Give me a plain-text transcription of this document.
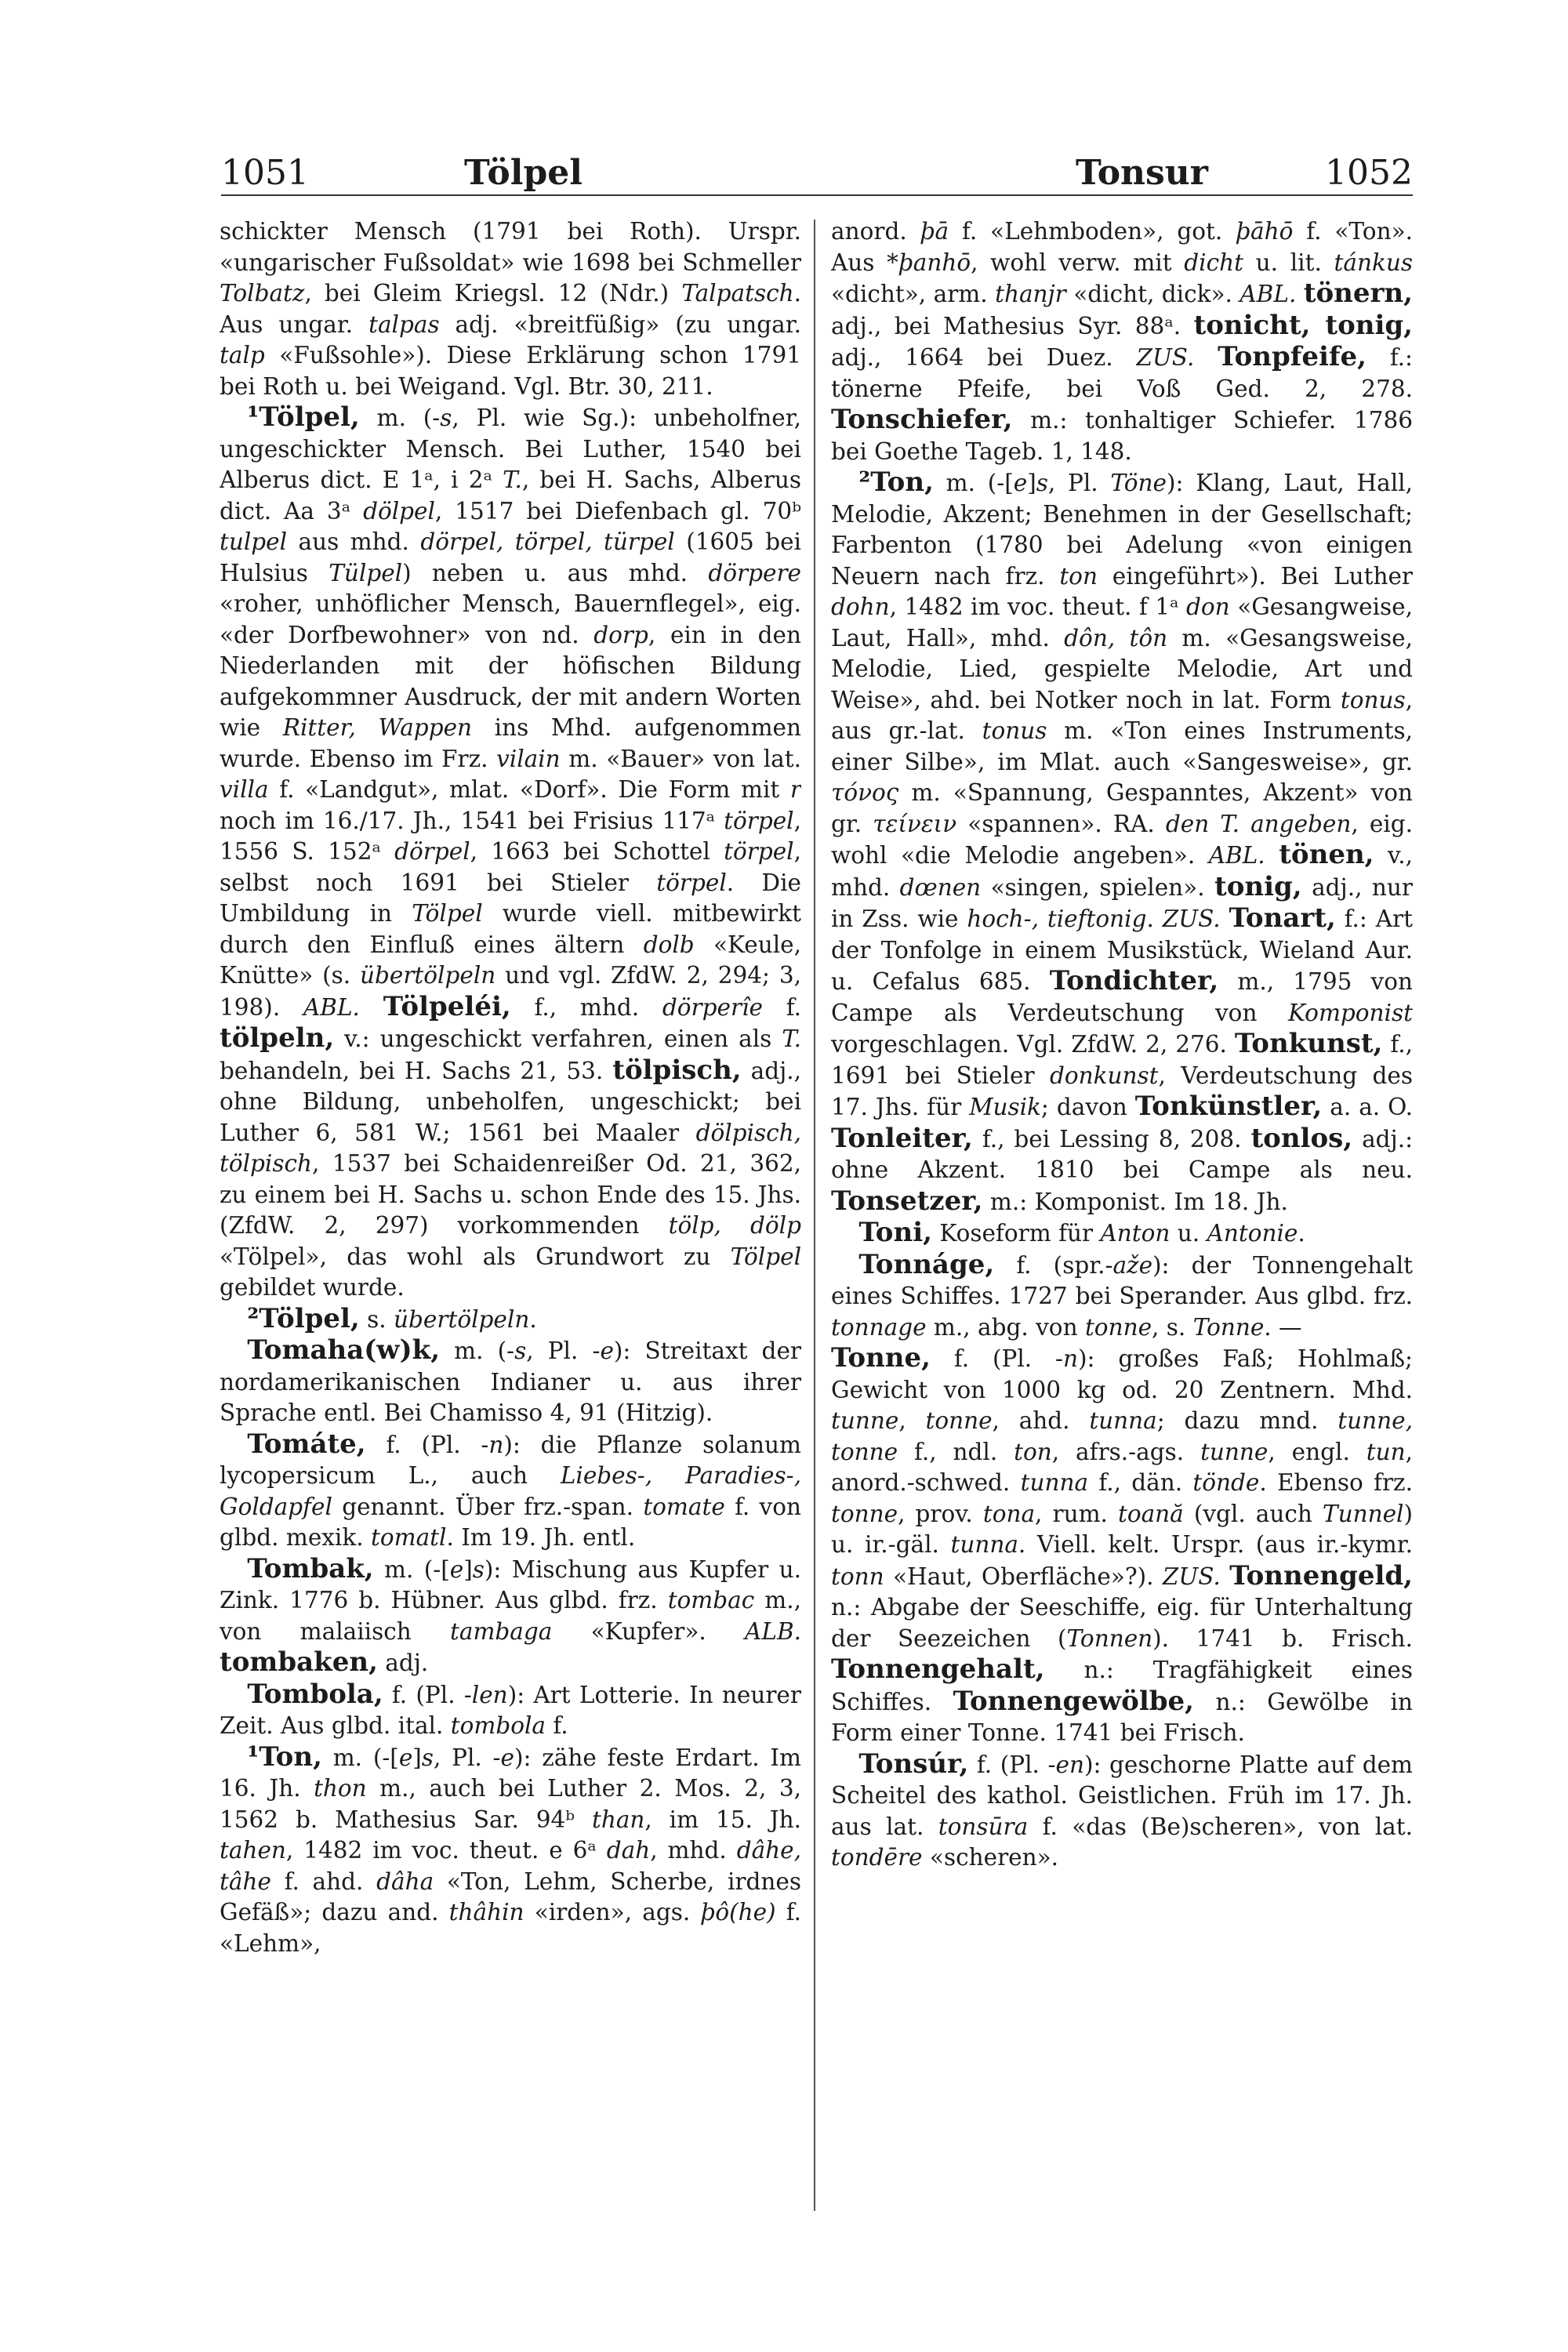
1051	Tölpel	Tonsur	1052

schickter Mensch (1791 bei Roth). Urspr. «ungarischer Fußsoldat» wie 1698 bei Schmeller Tolbatz, bei Gleim Kriegsl. 12 (Ndr.) Talpatsch. Aus ungar. talpas adj. «breitfüßig» (zu ungar. talp «Fußsohle»). Diese Erklärung schon 1791 bei Roth u. bei Weigand. Vgl. Btr. 30, 211.

¹Tölpel, m. (-s, Pl. wie Sg.): unbeholfner, ungeschickter Mensch. Bei Luther, 1540 bei Alberus dict. E 1ᵃ, i 2ᵃ T., bei H. Sachs, Alberus dict. Aa 3ᵃ dölpel, 1517 bei Diefenbach gl. 70ᵇ tulpel aus mhd. dörpel, törpel, türpel (1605 bei Hulsius Tülpel) neben u. aus mhd. dörpere «roher, unhöflicher Mensch, Bauernflegel», eig. «der Dorfbewohner» von nd. dorp, ein in den Niederlanden mit der höfischen Bildung aufgekommner Ausdruck, der mit andern Worten wie Ritter, Wappen ins Mhd. aufgenommen wurde. Ebenso im Frz. vilain m. «Bauer» von lat. villa f. «Landgut», mlat. «Dorf». Die Form mit r noch im 16./17. Jh., 1541 bei Frisius 117ᵃ törpel, 1556 S. 152ᵃ dörpel, 1663 bei Schottel törpel, selbst noch 1691 bei Stieler törpel. Die Umbildung in Tölpel wurde viell. mitbewirkt durch den Einfluß eines ältern dolb «Keule, Knütte» (s. übertölpeln und vgl. ZfdW. 2, 294; 3, 198). ABL. Tölpeléi, f., mhd. dörperîe f. tölpeln, v.: ungeschickt verfahren, einen als T. behandeln, bei H. Sachs 21, 53. tölpisch, adj., ohne Bildung, unbeholfen, ungeschickt; bei Luther 6, 581 W.; 1561 bei Maaler dölpisch, tölpisch, 1537 bei Schaidenreißer Od. 21, 362, zu einem bei H. Sachs u. schon Ende des 15. Jhs. (ZfdW. 2, 297) vorkommenden tölp, dölp «Tölpel», das wohl als Grundwort zu Tölpel gebildet wurde.

²Tölpel, s. übertölpeln.

Tomaha(w)k, m. (-s, Pl. -e): Streitaxt der nordamerikanischen Indianer u. aus ihrer Sprache entl. Bei Chamisso 4, 91 (Hitzig).

Tomáte, f. (Pl. -n): die Pflanze solanum lycopersicum L., auch Liebes-, Paradies-, Goldapfel genannt. Über frz.-span. tomate f. von glbd. mexik. tomatl. Im 19. Jh. entl.

Tombak, m. (-[e]s): Mischung aus Kupfer u. Zink. 1776 b. Hübner. Aus glbd. frz. tombac m., von malaiisch tambaga «Kupfer». ALB. tombaken, adj.

Tombola, f. (Pl. -len): Art Lotterie. In neurer Zeit. Aus glbd. ital. tombola f.

¹Ton, m. (-[e]s, Pl. -e): zähe feste Erdart. Im 16. Jh. thon m., auch bei Luther 2. Mos. 2, 3, 1562 b. Mathesius Sar. 94ᵇ than, im 15. Jh. tahen, 1482 im voc. theut. e 6ᵃ dah, mhd. dâhe, tâhe f. ahd. dâha «Ton, Lehm, Scherbe, irdnes Gefäß»; dazu and. thâhin «irden», ags. þô(he) f. «Lehm»,

anord. þā f. «Lehmboden», got. þāhō f. «Ton». Aus *þanhō, wohl verw. mit dicht u. lit. tánkus «dicht», arm. thanjr «dicht, dick». ABL. tönern, adj., bei Mathesius Syr. 88ᵃ. tonicht, tonig, adj., 1664 bei Duez. ZUS. Tonpfeife, f.: tönerne Pfeife, bei Voß Ged. 2, 278. Tonschiefer, m.: tonhaltiger Schiefer. 1786 bei Goethe Tageb. 1, 148.

²Ton, m. (-[e]s, Pl. Töne): Klang, Laut, Hall, Melodie, Akzent; Benehmen in der Gesellschaft; Farbenton (1780 bei Adelung «von einigen Neuern nach frz. ton eingeführt»). Bei Luther dohn, 1482 im voc. theut. f 1ᵃ don «Gesangweise, Laut, Hall», mhd. dôn, tôn m. «Gesangsweise, Melodie, Lied, gespielte Melodie, Art und Weise», ahd. bei Notker noch in lat. Form tonus, aus gr.-lat. tonus m. «Ton eines Instruments, einer Silbe», im Mlat. auch «Sangesweise», gr. τόνος m. «Spannung, Gespanntes, Akzent» von gr. τείνειν «spannen». RA. den T. angeben, eig. wohl «die Melodie angeben». ABL. tönen, v., mhd. dœnen «singen, spielen». tonig, adj., nur in Zss. wie hoch-, tieftonig. ZUS. Tonart, f.: Art der Tonfolge in einem Musikstück, Wieland Aur. u. Cefalus 685. Tondichter, m., 1795 von Campe als Verdeutschung von Komponist vorgeschlagen. Vgl. ZfdW. 2, 276. Tonkunst, f., 1691 bei Stieler donkunst, Verdeutschung des 17. Jhs. für Musik; davon Tonkünstler, a. a. O. Tonleiter, f., bei Lessing 8, 208. tonlos, adj.: ohne Akzent. 1810 bei Campe als neu. Tonsetzer, m.: Komponist. Im 18. Jh.

Toni, Koseform für Anton u. Antonie.

Tonnáge, f. (spr.-aže): der Tonnengehalt eines Schiffes. 1727 bei Sperander. Aus glbd. frz. tonnage m., abg. von tonne, s. Tonne. —

Tonne, f. (Pl. -n): großes Faß; Hohlmaß; Gewicht von 1000 kg od. 20 Zentnern. Mhd. tunne, tonne, ahd. tunna; dazu mnd. tunne, tonne f., ndl. ton, afrs.-ags. tunne, engl. tun, anord.-schwed. tunna f., dän. tönde. Ebenso frz. tonne, prov. tona, rum. toană (vgl. auch Tunnel) u. ir.-gäl. tunna. Viell. kelt. Urspr. (aus ir.-kymr. tonn «Haut, Oberfläche»?). ZUS. Tonnengeld, n.: Abgabe der Seeschiffe, eig. für Unterhaltung der Seezeichen (Tonnen). 1741 b. Frisch. Tonnengehalt, n.: Tragfähigkeit eines Schiffes. Tonnengewölbe, n.: Gewölbe in Form einer Tonne. 1741 bei Frisch.

Tonsúr, f. (Pl. -en): geschorne Platte auf dem Scheitel des kathol. Geistlichen. Früh im 17. Jh. aus lat. tonsūra f. «das (Be)scheren», von lat. tondēre «scheren».
